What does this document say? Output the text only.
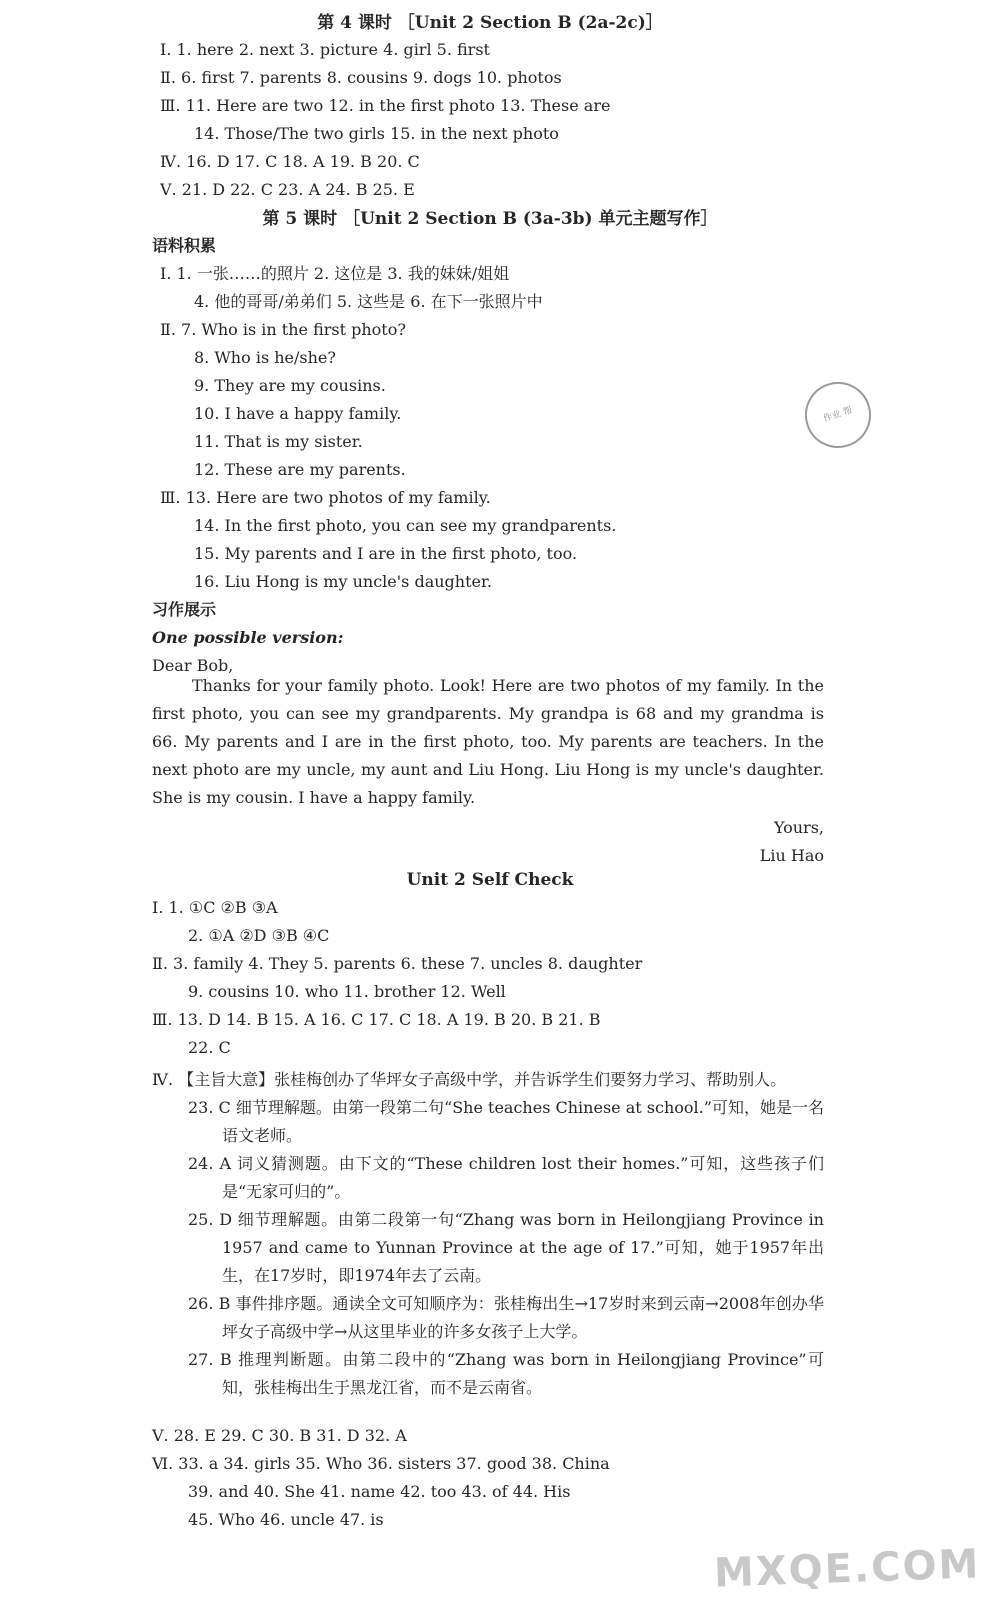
第 4 课时 ［Unit 2 Section B (2a-2c)］

Ⅰ. 1. here 2. next 3. picture 4. girl 5. first

Ⅱ. 6. first 7. parents 8. cousins 9. dogs 10. photos

Ⅲ. 11. Here are two 12. in the first photo 13. These are

14. Those/The two girls 15. in the next photo

Ⅳ. 16. D 17. C 18. A 19. B 20. C

Ⅴ. 21. D 22. C 23. A 24. B 25. E

第 5 课时 ［Unit 2 Section B (3a-3b) 单元主题写作］

语料积累

Ⅰ. 1. 一张……的照片 2. 这位是 3. 我的妹妹/姐姐

4. 他的哥哥/弟弟们 5. 这些是 6. 在下一张照片中

Ⅱ. 7. Who is in the first photo?

8. Who is he/she?

9. They are my cousins.

10. I have a happy family.

11. That is my sister.

12. These are my parents.

Ⅲ. 13. Here are two photos of my family.

14. In the first photo, you can see my grandparents.

15. My parents and I are in the first photo, too.

16. Liu Hong is my uncle's daughter.

习作展示

One possible version:

Dear Bob,

Thanks for your family photo. Look! Here are two photos of my family. In the first photo, you can see my grandparents. My grandpa is 68 and my grandma is 66. My parents and I are in the first photo, too. My parents are teachers. In the next photo are my uncle, my aunt and Liu Hong. Liu Hong is my uncle's daughter. She is my cousin. I have a happy family.

Yours,

Liu Hao

Unit 2 Self Check

Ⅰ. 1. ①C ②B ③A

2. ①A ②D ③B ④C

Ⅱ. 3. family 4. They 5. parents 6. these 7. uncles 8. daughter

9. cousins 10. who 11. brother 12. Well

Ⅲ. 13. D 14. B 15. A 16. C 17. C 18. A 19. B 20. B 21. B

22. C

Ⅳ. 【主旨大意】张桂梅创办了华坪女子高级中学，并告诉学生们要努力学习、帮助别人。

23. C 细节理解题。由第一段第二句“She teaches Chinese at school.”可知，她是一名语文老师。

24. A 词义猜测题。由下文的“These children lost their homes.”可知，这些孩子们是“无家可归的”。

25. D 细节理解题。由第二段第一句“Zhang was born in Heilongjiang Province in 1957 and came to Yunnan Province at the age of 17.”可知，她于1957年出生，在17岁时，即1974年去了云南。

26. B 事件排序题。通读全文可知顺序为：张桂梅出生→17岁时来到云南→2008年创办华坪女子高级中学→从这里毕业的许多女孩子上大学。

27. B 推理判断题。由第二段中的“Zhang was born in Heilongjiang Province”可知，张桂梅出生于黑龙江省，而不是云南省。

Ⅴ. 28. E 29. C 30. B 31. D 32. A

Ⅵ. 33. a 34. girls 35. Who 36. sisters 37. good 38. China

39. and 40. She 41. name 42. too 43. of 44. His

45. Who 46. uncle 47. is

作业 帮
MXQE.COM
